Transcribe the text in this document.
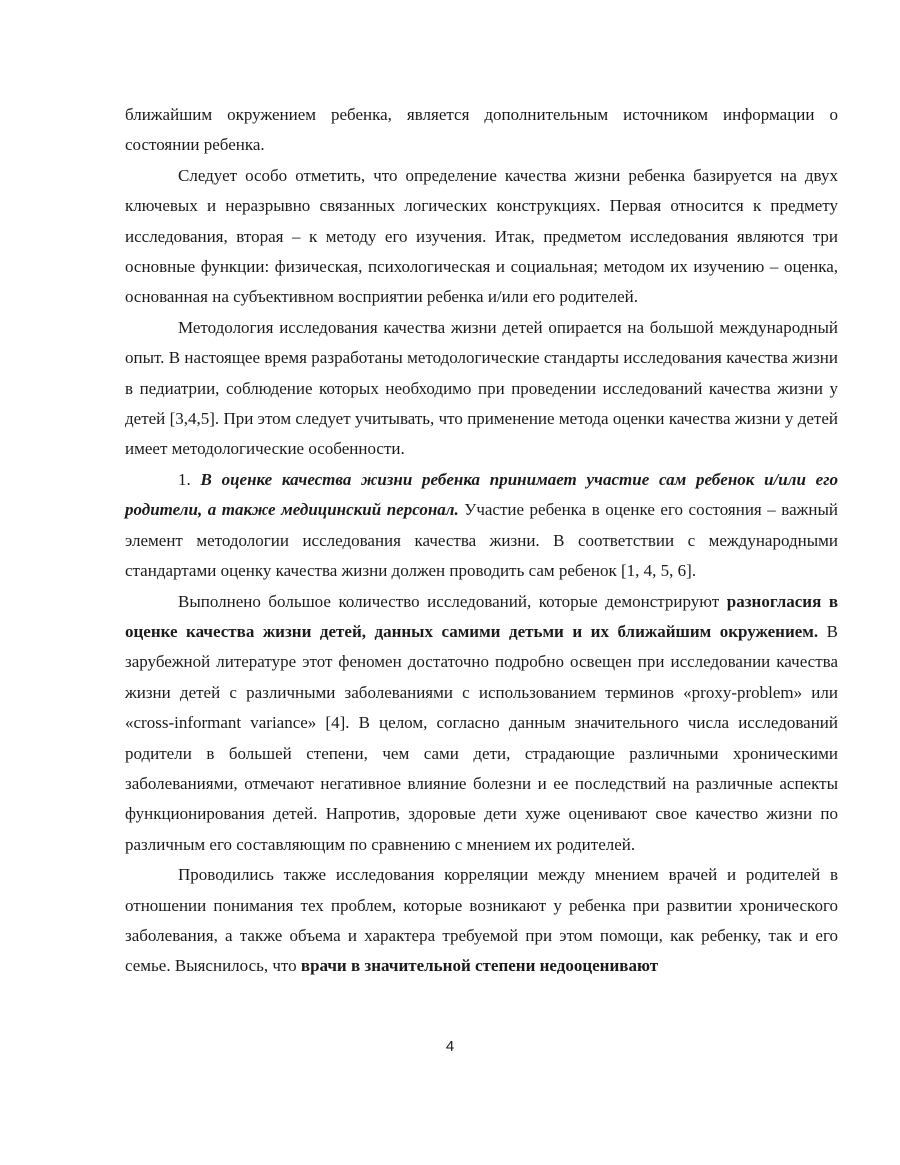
ближайшим окружением ребенка, является дополнительным источником информации о состоянии ребенка.

Следует особо отметить, что определение качества жизни ребенка базируется на двух ключевых и неразрывно связанных логических конструкциях. Первая относится к предмету исследования, вторая – к методу его изучения. Итак, предметом исследования являются три основные функции: физическая, психологическая и социальная; методом их изучению – оценка, основанная на субъективном восприятии ребенка и/или его родителей.

Методология исследования качества жизни детей опирается на большой международный опыт. В настоящее время разработаны методологические стандарты исследования качества жизни в педиатрии, соблюдение которых необходимо при проведении исследований качества жизни у детей [3,4,5]. При этом следует учитывать, что применение метода оценки качества жизни у детей имеет методологические особенности.

1. В оценке качества жизни ребенка принимает участие сам ребенок и/или его родители, а также медицинский персонал. Участие ребенка в оценке его состояния – важный элемент методологии исследования качества жизни. В соответствии с международными стандартами оценку качества жизни должен проводить сам ребенок [1, 4, 5, 6].

Выполнено большое количество исследований, которые демонстрируют разногласия в оценке качества жизни детей, данных самими детьми и их ближайшим окружением. В зарубежной литературе этот феномен достаточно подробно освещен при исследовании качества жизни детей с различными заболеваниями с использованием терминов «proxy-problem» или «cross-informant variance» [4]. В целом, согласно данным значительного числа исследований родители в большей степени, чем сами дети, страдающие различными хроническими заболеваниями, отмечают негативное влияние болезни и ее последствий на различные аспекты функционирования детей. Напротив, здоровые дети хуже оценивают свое качество жизни по различным его составляющим по сравнению с мнением их родителей.

Проводились также исследования корреляции между мнением врачей и родителей в отношении понимания тех проблем, которые возникают у ребенка при развитии хронического заболевания, а также объема и характера требуемой при этом помощи, как ребенку, так и его семье. Выяснилось, что врачи в значительной степени недооценивают

4
